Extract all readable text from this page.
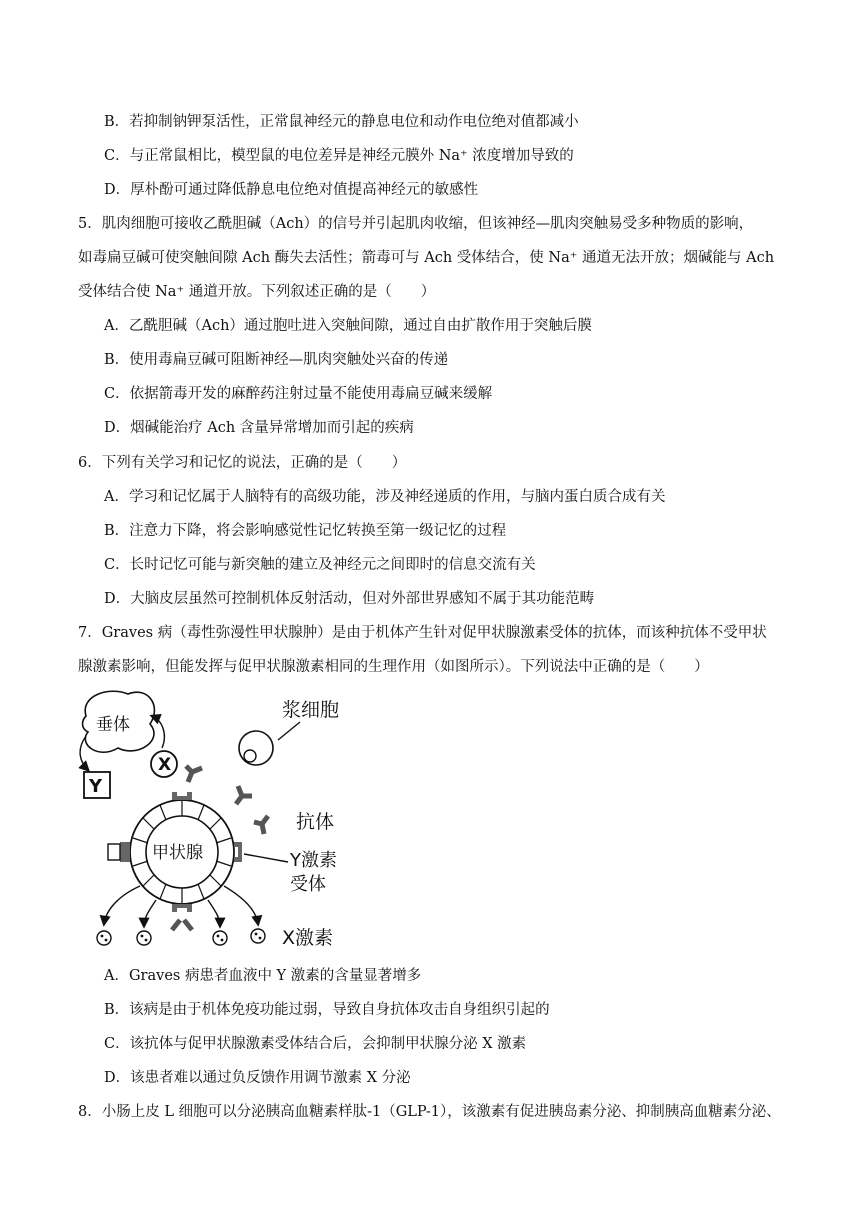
B．若抑制钠钾泵活性，正常鼠神经元的静息电位和动作电位绝对值都减小
C．与正常鼠相比，模型鼠的电位差异是神经元膜外 Na⁺ 浓度增加导致的
D．厚朴酚可通过降低静息电位绝对值提高神经元的敏感性
5．肌肉细胞可接收乙酰胆碱（Ach）的信号并引起肌肉收缩，但该神经—肌肉突触易受多种物质的影响，
如毒扁豆碱可使突触间隙 Ach 酶失去活性；箭毒可与 Ach 受体结合，使 Na⁺ 通道无法开放；烟碱能与 Ach
受体结合使 Na⁺ 通道开放。下列叙述正确的是（　　）
A．乙酰胆碱（Ach）通过胞吐进入突触间隙，通过自由扩散作用于突触后膜
B．使用毒扁豆碱可阻断神经—肌肉突触处兴奋的传递
C．依据箭毒开发的麻醉药注射过量不能使用毒扁豆碱来缓解
D．烟碱能治疗 Ach 含量异常增加而引起的疾病
6．下列有关学习和记忆的说法，正确的是（　　）
A．学习和记忆属于人脑特有的高级功能，涉及神经递质的作用，与脑内蛋白质合成有关
B．注意力下降，将会影响感觉性记忆转换至第一级记忆的过程
C．长时记忆可能与新突触的建立及神经元之间即时的信息交流有关
D．大脑皮层虽然可控制机体反射活动，但对外部世界感知不属于其功能范畴
7．Graves 病（毒性弥漫性甲状腺肿）是由于机体产生针对促甲状腺激素受体的抗体，而该种抗体不受甲状
腺激素影响，但能发挥与促甲状腺激素相同的生理作用（如图所示）。下列说法中正确的是（　　）
垂体
Y
X
浆细胞
甲状腺
抗体
Y激素
受体
X激素
A．Graves 病患者血液中 Y 激素的含量显著增多
B．该病是由于机体免疫功能过弱，导致自身抗体攻击自身组织引起的
C．该抗体与促甲状腺激素受体结合后，会抑制甲状腺分泌 X 激素
D．该患者难以通过负反馈作用调节激素 X 分泌
8．小肠上皮 L 细胞可以分泌胰高血糖素样肽-1（GLP-1），该激素有促进胰岛素分泌、抑制胰高血糖素分泌、
